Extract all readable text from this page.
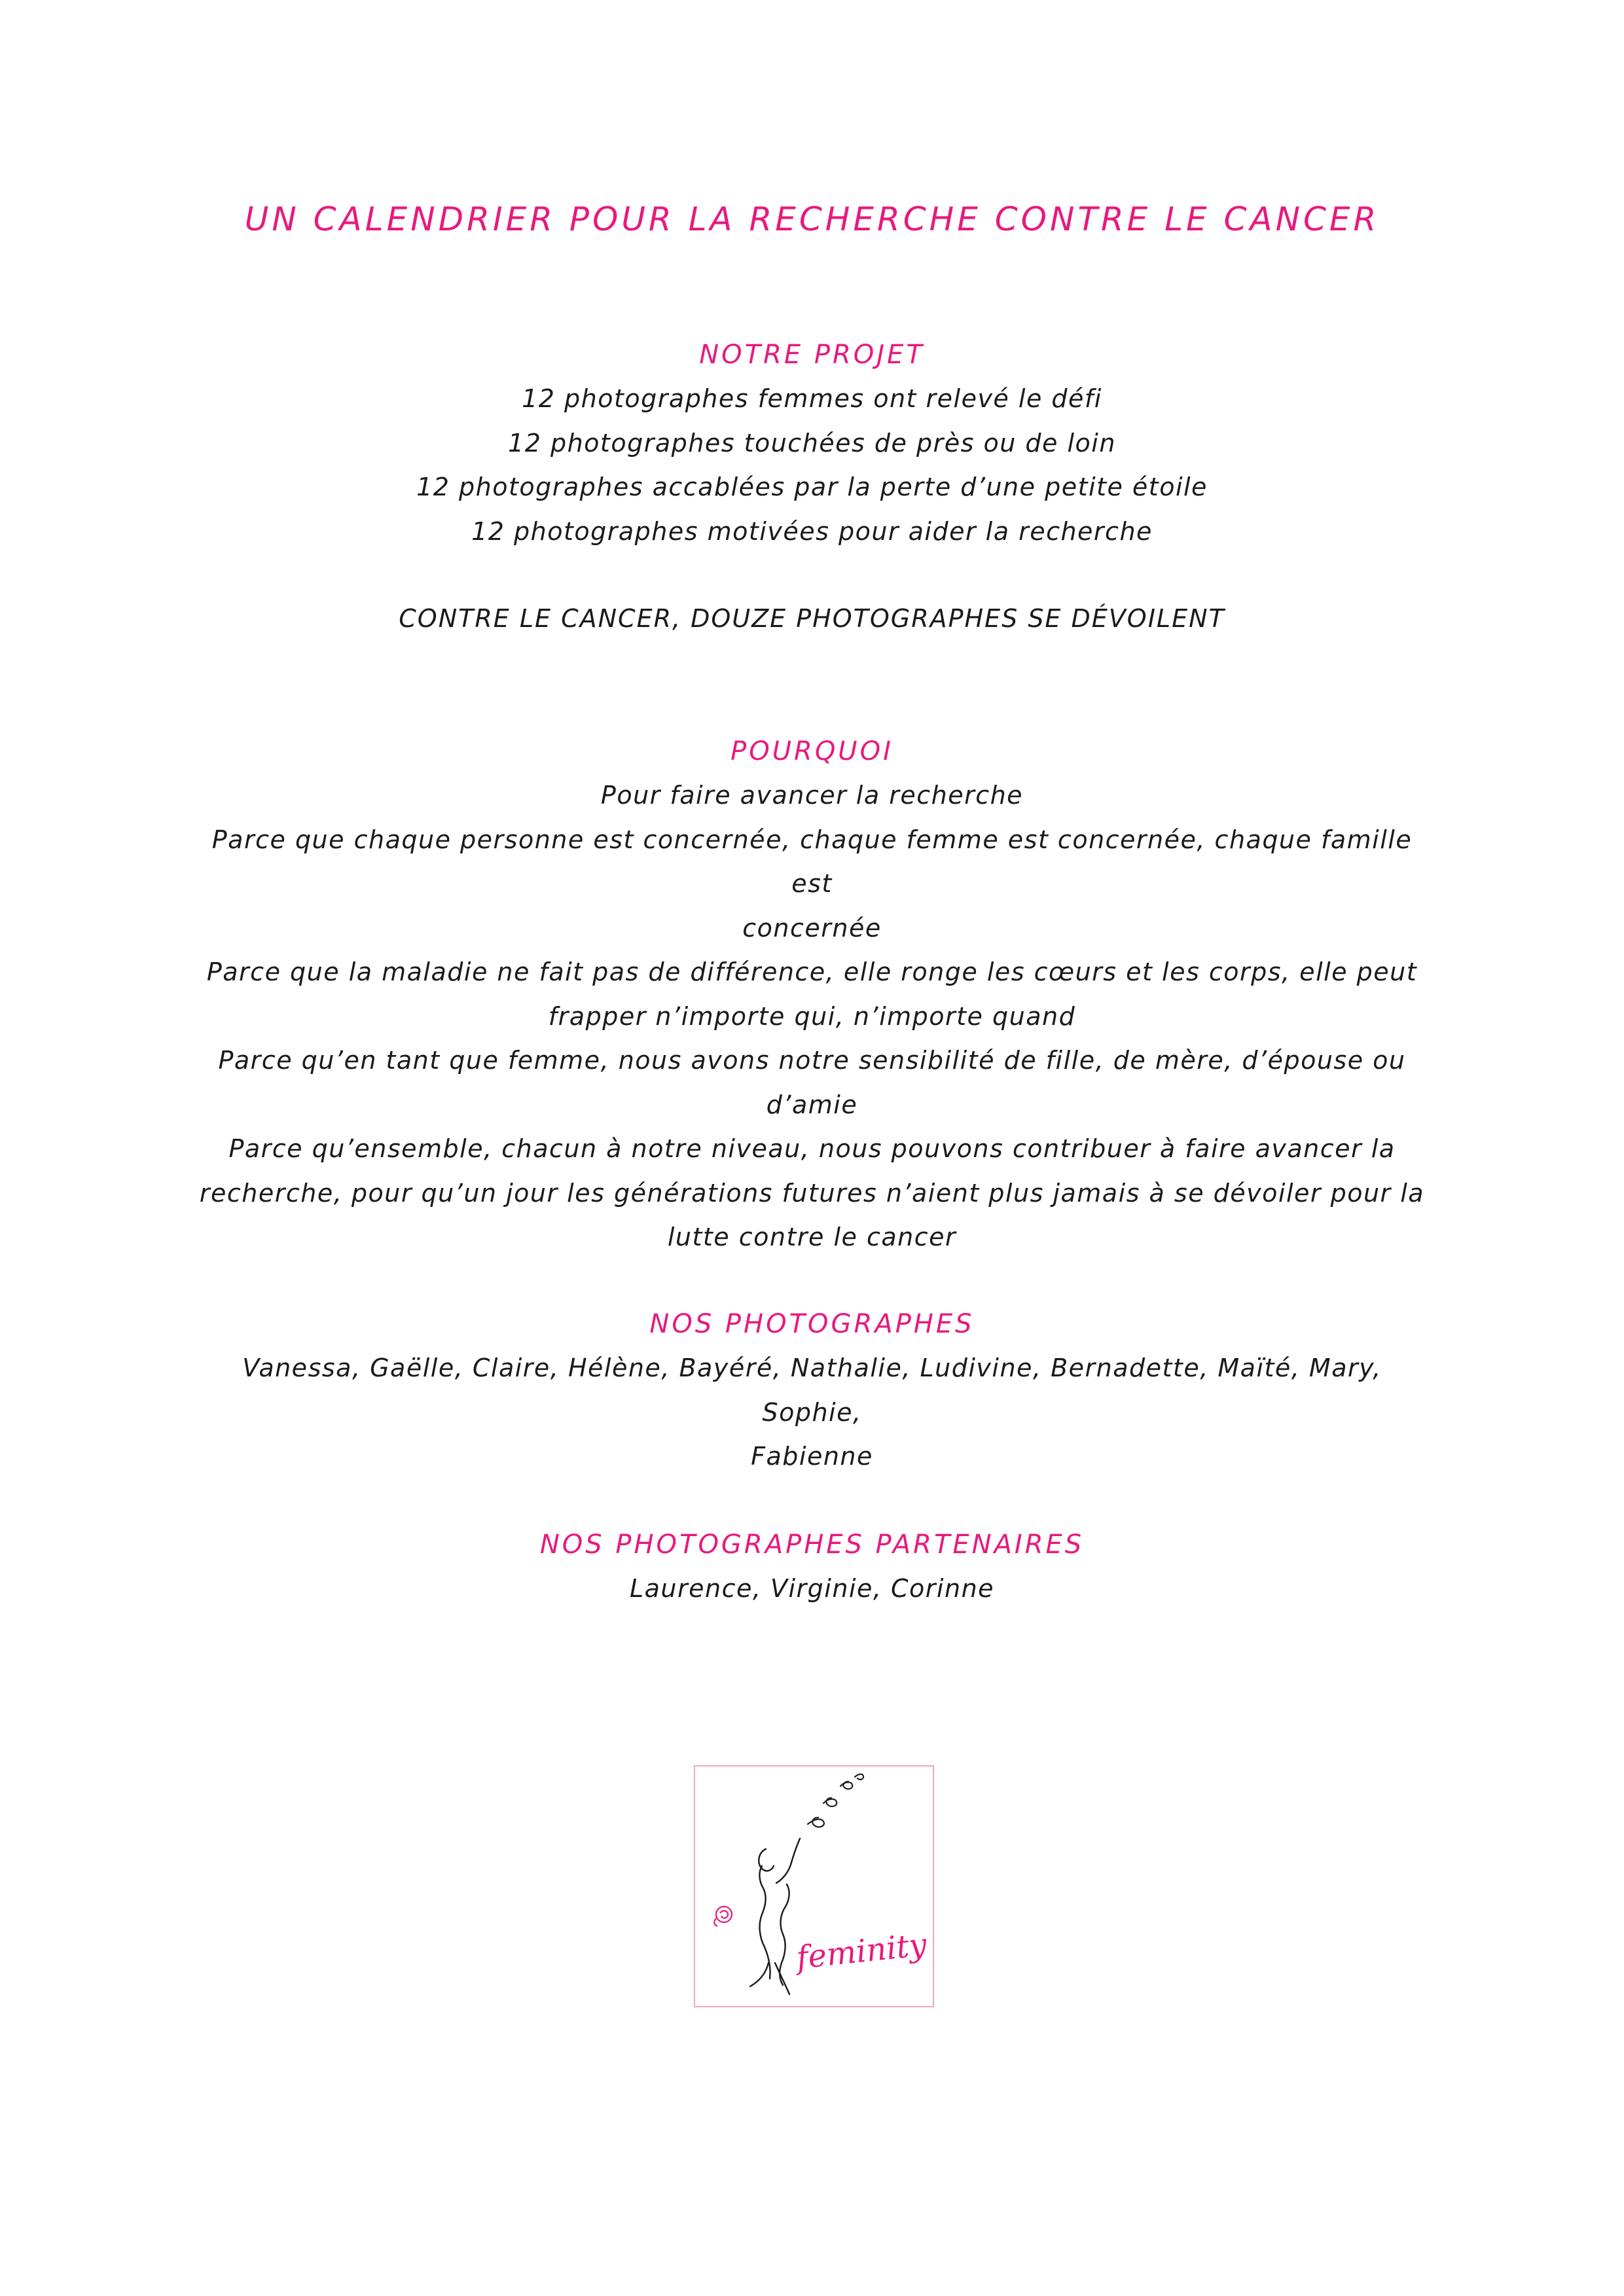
UN CALENDRIER POUR LA RECHERCHE CONTRE LE CANCER
NOTRE PROJET

12 photographes femmes ont relevé le défi

12 photographes touchées de près ou de loin

12 photographes accablées par la perte d’une petite étoile

12 photographes motivées pour aider la recherche

CONTRE LE CANCER, DOUZE PHOTOGRAPHES SE DÉVOILENT

POURQUOI

Pour faire avancer la recherche

Parce que chaque personne est concernée, chaque femme est concernée, chaque famille est

concernée

Parce que la maladie ne fait pas de différence, elle ronge les cœurs et les corps, elle peut

frapper n’importe qui, n’importe quand

Parce qu’en tant que femme, nous avons notre sensibilité de fille, de mère, d’épouse ou

d’amie

Parce qu’ensemble, chacun à notre niveau, nous pouvons contribuer à faire avancer la

recherche, pour qu’un jour les générations futures n’aient plus jamais à se dévoiler pour la

lutte contre le cancer

NOS PHOTOGRAPHES

Vanessa, Gaëlle, Claire, Hélène, Bayéré, Nathalie, Ludivine, Bernadette, Maïté, Mary, Sophie,

Fabienne

NOS PHOTOGRAPHES PARTENAIRES

Laurence, Virginie, Corinne

feminity
